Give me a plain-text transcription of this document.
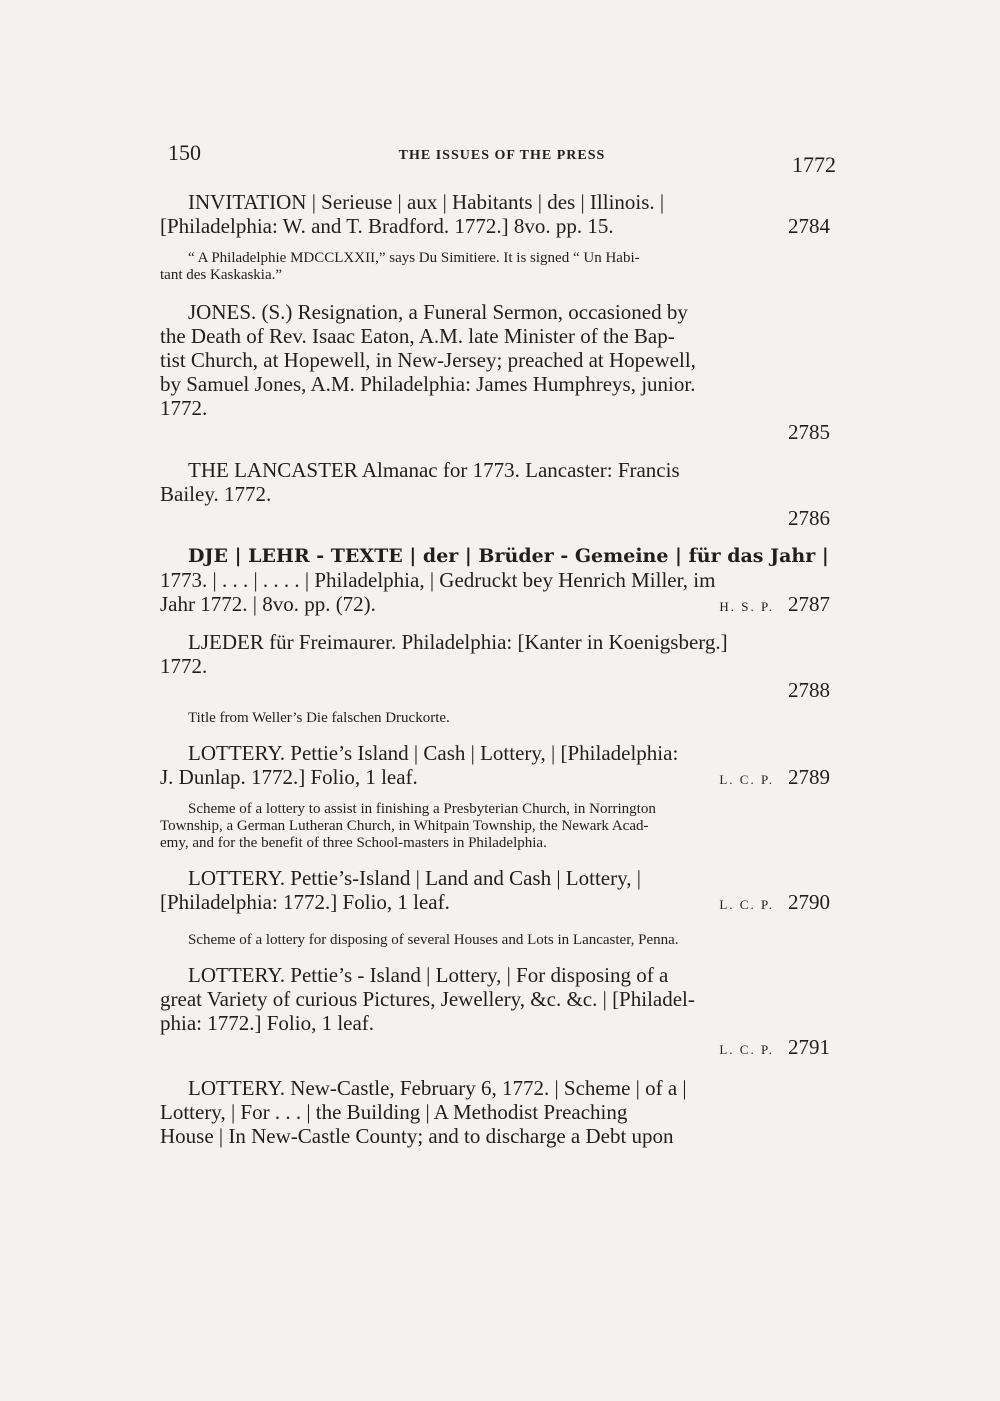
150	THE ISSUES OF THE PRESS	1772
INVITATION | Serieuse | aux | Habitants | des | Illinois. |
[Philadelphia: W. and T. Bradford. 1772.] 8vo. pp. 15.	2784
“ A Philadelphie MDCCLXXII,” says Du Simitiere. It is signed “ Un Habi-
tant des Kaskaskia.”
JONES. (S.) Resignation, a Funeral Sermon, occasioned by
the Death of Rev. Isaac Eaton, A.M. late Minister of the Bap-
tist Church, at Hopewell, in New-Jersey; preached at Hopewell,
by Samuel Jones, A.M. Philadelphia: James Humphreys, junior.
1772.
2785
THE LANCASTER Almanac for 1773. Lancaster: Francis
Bailey. 1772.
2786
DJE | LEHR - TEXTE | der | Brüder - Gemeine | für das Jahr |
1773. | . . . | . . . . | Philadelphia, | Gedruckt bey Henrich Miller, im
Jahr 1772. | 8vo. pp. (72).	H. S. P. 2787
LJEDER für Freimaurer. Philadelphia: [Kanter in Koenigsberg.]
1772.
2788
Title from Weller’s Die falschen Druckorte.
LOTTERY. Pettie’s Island | Cash | Lottery, | [Philadelphia:
J. Dunlap. 1772.] Folio, 1 leaf.	L. C. P. 2789
Scheme of a lottery to assist in finishing a Presbyterian Church, in Norrington
Township, a German Lutheran Church, in Whitpain Township, the Newark Acad-
emy, and for the benefit of three School-masters in Philadelphia.
LOTTERY. Pettie’s-Island | Land and Cash | Lottery, |
[Philadelphia: 1772.] Folio, 1 leaf.	L. C. P. 2790
Scheme of a lottery for disposing of several Houses and Lots in Lancaster, Penna.
LOTTERY. Pettie’s - Island | Lottery, | For disposing of a
great Variety of curious Pictures, Jewellery, &c. &c. | [Philadel-
phia: 1772.] Folio, 1 leaf.
L. C. P. 2791
LOTTERY. New-Castle, February 6, 1772. | Scheme | of a |
Lottery, | For . . . | the Building | A Methodist Preaching
House | In New-Castle County; and to discharge a Debt upon
